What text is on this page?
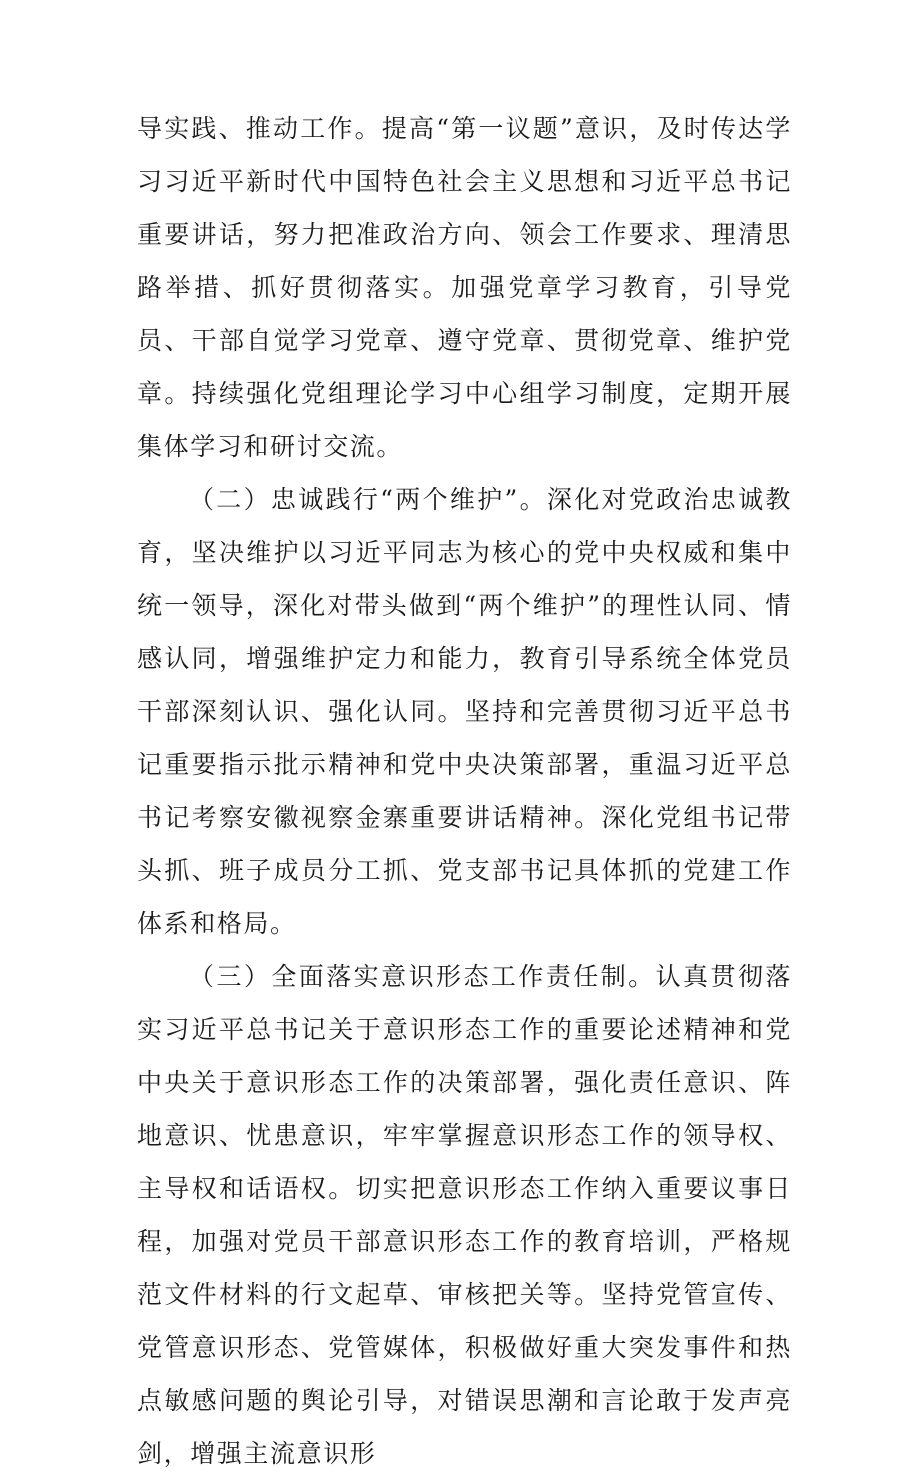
导实践、推动工作。提高“第一议题”意识，及时传达学习习近平新时代中国特色社会主义思想和习近平总书记重要讲话，努力把准政治方向、领会工作要求、理清思路举措、抓好贯彻落实。加强党章学习教育，引导党员、干部自觉学习党章、遵守党章、贯彻党章、维护党章。持续强化党组理论学习中心组学习制度，定期开展集体学习和研讨交流。

（二）忠诚践行“两个维护”。深化对党政治忠诚教育，坚决维护以习近平同志为核心的党中央权威和集中统一领导，深化对带头做到“两个维护”的理性认同、情感认同，增强维护定力和能力，教育引导系统全体党员干部深刻认识、强化认同。坚持和完善贯彻习近平总书记重要指示批示精神和党中央决策部署，重温习近平总书记考察安徽视察金寨重要讲话精神。深化党组书记带头抓、班子成员分工抓、党支部书记具体抓的党建工作体系和格局。

（三）全面落实意识形态工作责任制。认真贯彻落实习近平总书记关于意识形态工作的重要论述精神和党中央关于意识形态工作的决策部署，强化责任意识、阵地意识、忧患意识，牢牢掌握意识形态工作的领导权、主导权和话语权。切实把意识形态工作纳入重要议事日程，加强对党员干部意识形态工作的教育培训，严格规范文件材料的行文起草、审核把关等。坚持党管宣传、党管意识形态、党管媒体，积极做好重大突发事件和热点敏感问题的舆论引导，对错误思潮和言论敢于发声亮剑，增强主流意识形
